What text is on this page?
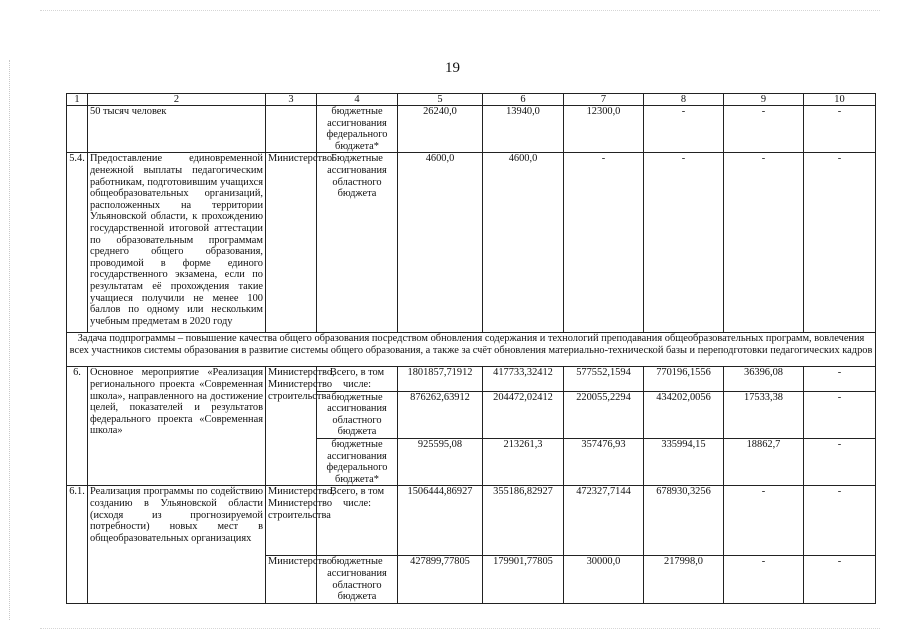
19
1	2	3	4	5	6	7	8	9	10
	50 тысяч человек		бюджетные ассигнования федерального бюджета*	26240,0	13940,0	12300,0	-	-	-
5.4.	Предоставление единовременной денежной выплаты педагогическим работникам, подготовившим учащихся общеобразовательных организаций, расположенных на территории Ульяновской области, к прохождению государственной итоговой аттестации по образовательным программам среднего общего образования, проводимой в форме единого государственного экзамена, если по результатам её прохождения такие учащиеся получили не менее 100 баллов по одному или нескольким учебным предметам в 2020 году	Министерство	Бюджетные ассигнования областного бюджета	4600,0	4600,0	-	-	-	-
Задача подпрограммы – повышение качества общего образования посредством обновления содержания и технологий преподавания общеобразовательных программ, вовлечения всех участников системы образования в развитие системы общего образования, а также за счёт обновления материально-технической базы и переподготовки педагогических кадров									
6.	Основное мероприятие «Реализация регионального проекта «Современная школа», направленного на достижение целей, показателей и результатов федерального проекта «Современная школа»	Министерство, Министерство строительства	Всего, в том числе:	1801857,71912	417733,32412	577552,1594	770196,1556	36396,08	-
			бюджетные ассигнования областного бюджета	876262,63912	204472,02412	220055,2294	434202,0056	17533,38	-
			бюджетные ассигнования федерального бюджета*	925595,08	213261,3	357476,93	335994,15	18862,7	-
6.1.	Реализация программы по содействию созданию в Ульяновской области (исходя из прогнозируемой потребности) новых мест в общеобразовательных организациях	Министерство, Министерство строительства	Всего, в том числе:	1506444,86927	355186,82927	472327,7144	678930,3256	-	-
		Министерство	бюджетные ассигнования областного бюджета	427899,77805	179901,77805	30000,0	217998,0	-	-
